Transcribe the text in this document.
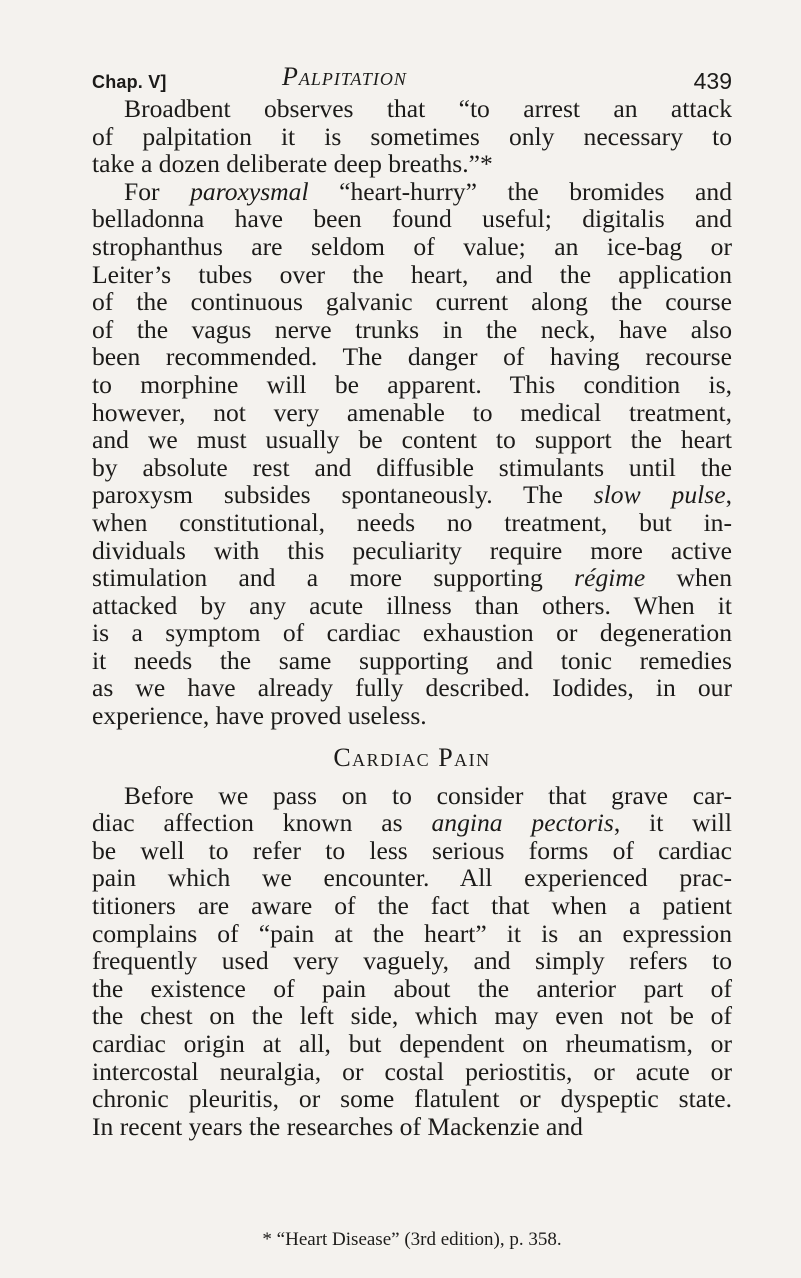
Chap. V]	Palpitation	439
Broadbent observes that “to arrest an attack
of palpitation it is sometimes only necessary to
take a dozen deliberate deep breaths.”*
For paroxysmal “heart-hurry” the bromides and
belladonna have been found useful; digitalis and
strophanthus are seldom of value; an ice-bag or
Leiter’s tubes over the heart, and the application
of the continuous galvanic current along the course
of the vagus nerve trunks in the neck, have also
been recommended. The danger of having recourse
to morphine will be apparent. This condition is,
however, not very amenable to medical treatment,
and we must usually be content to support the heart
by absolute rest and diffusible stimulants until the
paroxysm subsides spontaneously. The slow pulse,
when constitutional, needs no treatment, but in-
dividuals with this peculiarity require more active
stimulation and a more supporting régime when
attacked by any acute illness than others. When it
is a symptom of cardiac exhaustion or degeneration
it needs the same supporting and tonic remedies
as we have already fully described. Iodides, in our
experience, have proved useless.
Cardiac Pain
Before we pass on to consider that grave car-
diac affection known as angina pectoris, it will
be well to refer to less serious forms of cardiac
pain which we encounter. All experienced prac-
titioners are aware of the fact that when a patient
complains of “pain at the heart” it is an expression
frequently used very vaguely, and simply refers to
the existence of pain about the anterior part of
the chest on the left side, which may even not be of
cardiac origin at all, but dependent on rheumatism, or
intercostal neuralgia, or costal periostitis, or acute or
chronic pleuritis, or some flatulent or dyspeptic state.
In recent years the researches of Mackenzie and
* “Heart Disease” (3rd edition), p. 358.
